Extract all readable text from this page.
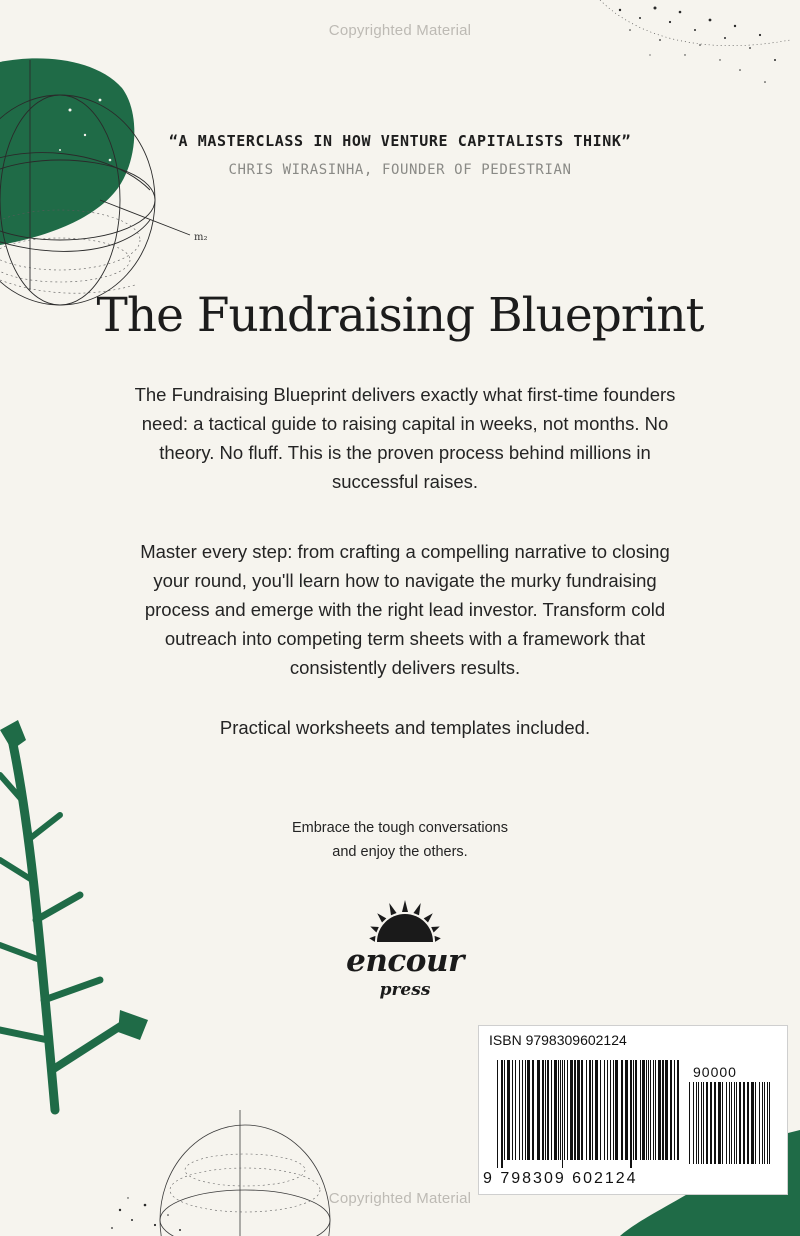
m₂
Copyrighted Material
“A MASTERCLASS IN HOW VENTURE CAPITALISTS THINK”
CHRIS WIRASINHA, FOUNDER OF PEDESTRIAN
The Fundraising Blueprint

The Fundraising Blueprint delivers exactly what first-time founders need: a tactical guide to raising capital in weeks, not months. No theory. No fluff. This is the proven process behind millions in successful raises.

Master every step: from crafting a compelling narrative to closing your round, you'll learn how to navigate the murky fundraising process and emerge with the right lead investor. Transform cold outreach into competing term sheets with a framework that consistently delivers results.

Practical worksheets and templates included.

Embrace the tough conversations
and enjoy the others.
encour
press
ISBN 9798309602124
90000
9 798309 602124
Copyrighted Material
